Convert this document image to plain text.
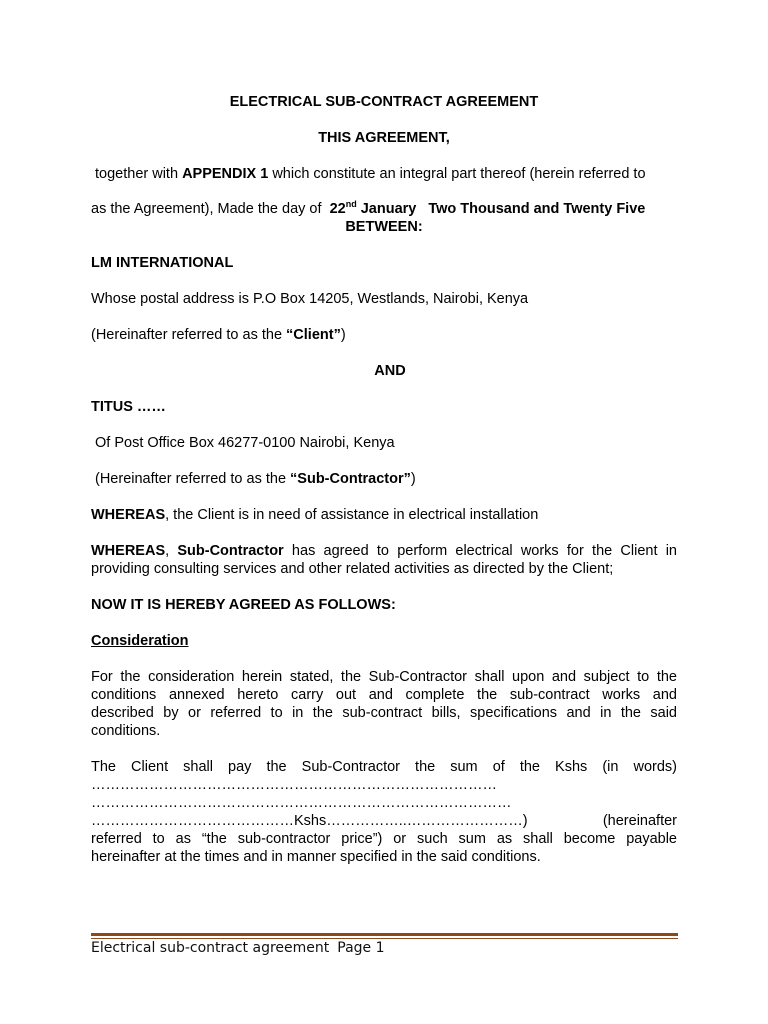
ELECTRICAL SUB-CONTRACT AGREEMENT
THIS AGREEMENT,
together with APPENDIX 1 which constitute an integral part thereof (herein referred to
as the Agreement), Made the day of 22nd January Two Thousand and Twenty Five
BETWEEN:
LM INTERNATIONAL
Whose postal address is P.O Box 14205, Westlands, Nairobi, Kenya
(Hereinafter referred to as the “Client”)
AND
TITUS ……
Of Post Office Box 46277-0100 Nairobi, Kenya
(Hereinafter referred to as the “Sub-Contractor”)
WHEREAS, the Client is in need of assistance in electrical installation
WHEREAS, Sub-Contractor has agreed to perform electrical works for the Client in
providing consulting services and other related activities as directed by the Client;
NOW IT IS HEREBY AGREED AS FOLLOWS:
Consideration
For the consideration herein stated, the Sub-Contractor shall upon and subject to the
conditions annexed hereto carry out and complete the sub-contract works and
described by or referred to in the sub-contract bills, specifications and in the said
conditions.
The Client shall pay the Sub-Contractor the sum of the Kshs (in words)
…………………………………………………………………………
……………………………………………………………………………
……………………………………Kshs……………..……………………)	(hereinafter
referred to as “the sub-contractor price”) or such sum as shall become payable
hereinafter at the times and in manner specified in the said conditions.
Electrical sub-contract agreement Page 1
